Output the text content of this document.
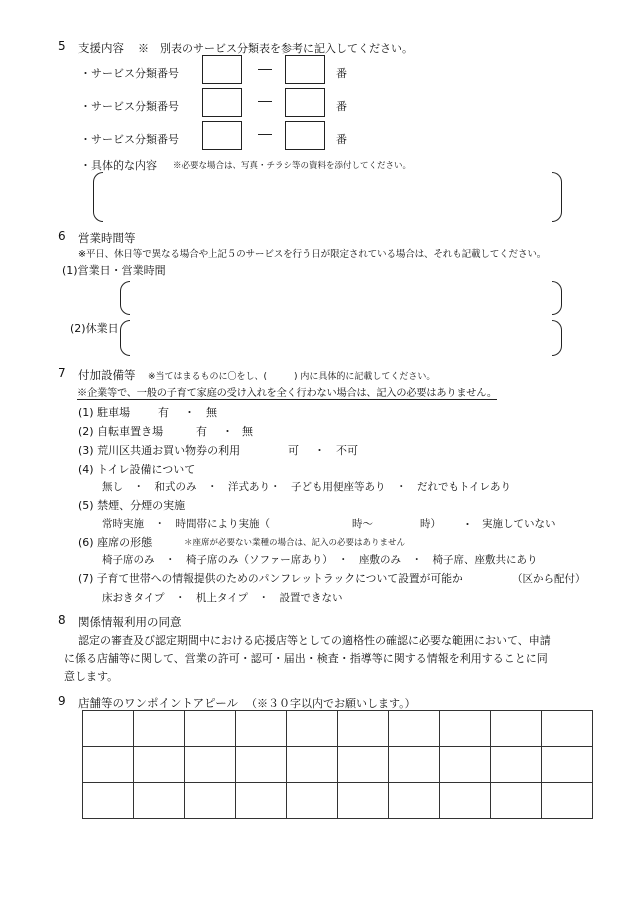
5 支援内容 ※　別表のサービス分類表を参考に記入してください。
・サービス分類番号	番
・サービス分類番号	番
・サービス分類番号	番
・具体的な内容 ※必要な場合は、写真・チラシ等の資料を添付してください。
6 営業時間等
※平日、休日等で異なる場合や上記５のサービスを行う日が限定されている場合は、それも記載してください。
(1)営業日・営業時間
(2)休業日
7 付加設備等 ※当てはまるものに〇をし、(　　　) 内に具体的に記載してください。
※企業等で、一般の子育て家庭の受け入れを全く行わない場合は、記入の必要はありません。
(1) 駐車場	有 ・ 無
(2) 自転車置き場	有 ・ 無
(3) 荒川区共通お買い物券の利用	可 ・ 不可
(4) トイレ設備について
無し　・　和式のみ　・　洋式あり・　子ども用便座等あり　・　だれでもトイレあり
(5) 禁煙、分煙の実施
常時実施　・　時間帯により実施（	時～	時） ・ 実施していない
(6) 座席の形態	＊座席が必要ない業種の場合は、記入の必要はありません
椅子席のみ　・　椅子席のみ（ソファー席あり）　・　座敷のみ　・　椅子席、座敷共にあり
(7) 子育て世帯への情報提供のためのパンフレットラックについて設置が可能か	（区から配付）
床おきタイプ　・　机上タイプ　・　設置できない
8 関係情報利用の同意
認定の審査及び認定期間中における応援店等としての適格性の確認に必要な範囲において、申請
に係る店舗等に関して、営業の許可・認可・届出・検査・指導等に関する情報を利用することに同
意します。
9 店舗等のワンポイントアピール （※３０字以内でお願いします。）
